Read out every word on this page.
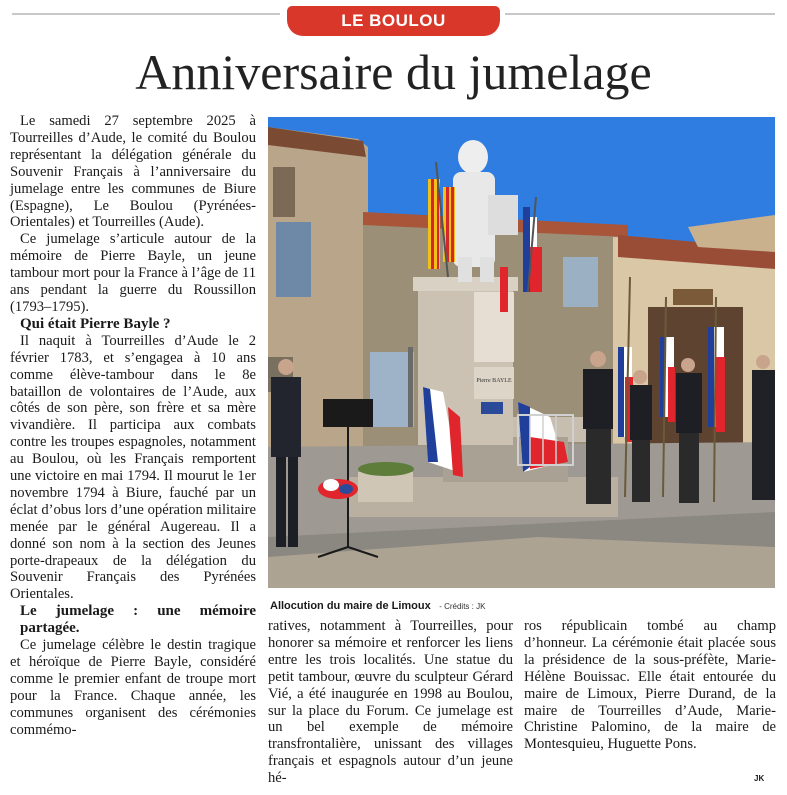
LE BOULOU
Anniversaire du jumelage

Le samedi 27 septembre 2025 à Tourreilles d’Aude, le comité du Boulou représentant la délégation générale du Souvenir Français à l’anniversaire du jumelage entre les communes de Biure (Espagne), Le Boulou (Pyrénées-Orientales) et Tourreilles (Aude).

Ce jumelage s’articule autour de la mémoire de Pierre Bayle, un jeune tambour mort pour la France à l’âge de 11 ans pendant la guerre du Roussillon (1793–1795).

Qui était Pierre Bayle ?

Il naquit à Tourreilles d’Aude le 2 février 1783, et s’engagea à 10 ans comme élève-tambour dans le 8e bataillon de volontaires de l’Aude, aux côtés de son père, son frère et sa mère vivandière. Il participa aux combats contre les troupes espagnoles, notamment au Boulou, où les Français remportent une victoire en mai 1794. Il mourut le 1er novembre 1794 à Biure, fauché par un éclat d’obus lors d’une opération militaire menée par le général Augereau. Il a donné son nom à la section des Jeunes porte-drapeaux de la délégation du Souvenir Français des Pyrénées Orientales.

Le jumelage : une mémoire partagée.

Ce jumelage célèbre le destin tragique et héroïque de Pierre Bayle, considéré comme le premier enfant de troupe mort pour la France. Chaque année, les communes organisent des cérémonies commémo-

Pierre BAYLE
Allocution du maire de Limoux - Crédits : JK

ratives, notamment à Tourreilles, pour honorer sa mémoire et renforcer les liens entre les trois localités. Une statue du petit tambour, œuvre du sculpteur Gérard Vié, a été inaugurée en 1998 au Boulou, sur la place du Forum. Ce jumelage est un bel exemple de mémoire transfrontalière, unissant des villages français et espagnols autour d’un jeune hé-

ros républicain tombé au champ d’honneur. La cérémonie était placée sous la présidence de la sous-préfète, Marie-Hélène Bouissac. Elle était entourée du maire de Limoux, Pierre Durand, de la maire de Tourreilles d’Aude, Marie-Christine Palomino, de la maire de Montesquieu, Huguette Pons.

JK
